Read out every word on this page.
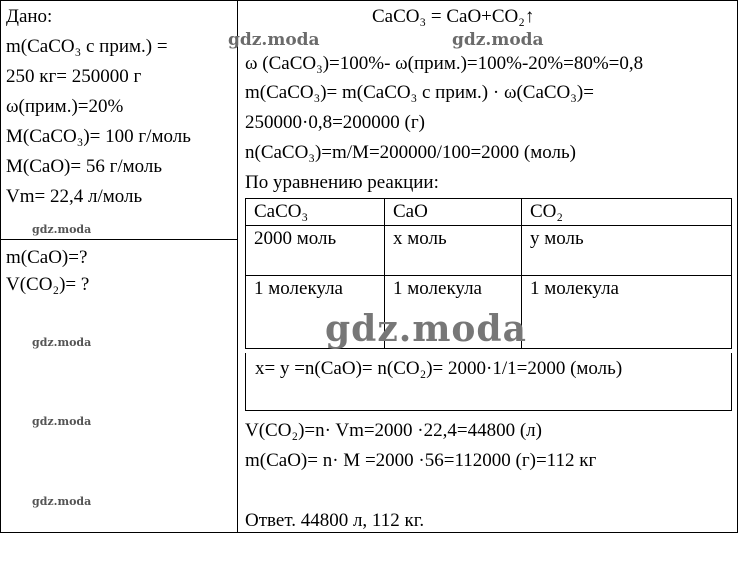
Дано:
m(CaCO₃ с прим.) =
250 кг= 250000 г
ω(прим.)=20%
M(CaCO₃)= 100 г/моль
M(CaO)= 56 г/моль
Vm= 22,4 л/моль
m(CaO)=?
V(CO₂)= ?
CaCO₃ = CaO+CO₂↑
ω (CaCO₃)=100%- ω(прим.)=100%-20%=80%=0,8
m(CaCO₃)= m(CaCO₃ с прим.) · ω(CaCO₃)=
250000·0,8=200000 (г)
n(CaCO₃)=m/M=200000/100=2000 (моль)
По уравнению реакции:
CaCO₃	CaO	CO₂
2000 моль	x моль	y моль
1 молекула	1 молекула	1 молекула
x= y =n(CaO)= n(CO₂)= 2000·1/1=2000 (моль)
V(CO₂)=n· Vm=2000 ·22,4=44800 (л)
m(CaO)= n· M =2000 ·56=112000 (г)=112 кг
Ответ. 44800 л, 112 кг.
gdz.moda	gdz.moda
gdz.moda
gdz.moda
gdz.moda
gdz.moda
gdz.moda
